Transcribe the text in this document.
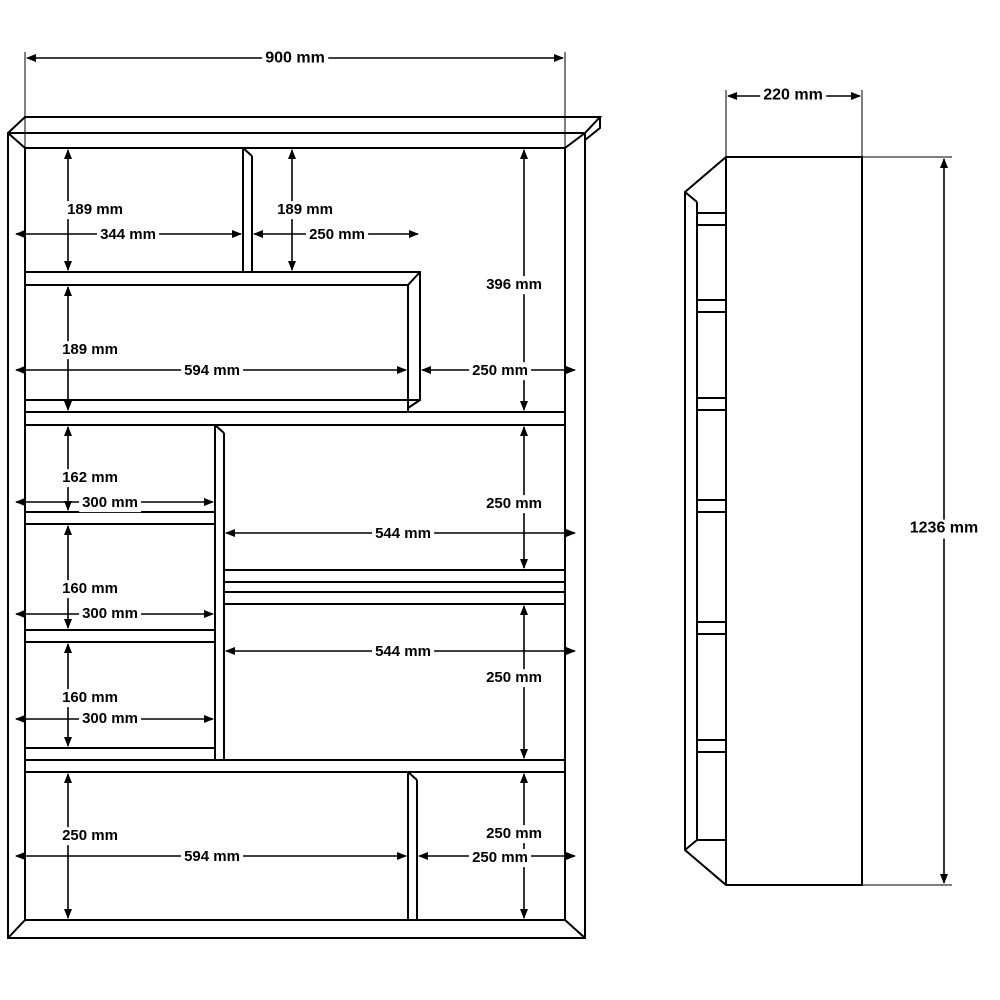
900 mm
220 mm
1236 mm
189 mm
344 mm
189 mm
250 mm
396 mm
189 mm
594 mm	250 mm
162 mm
300 mm	250 mm
544 mm
160 mm
300 mm
250 mm
544 mm
160 mm
300 mm
250 mm
594 mm
250 mm
250 mm
